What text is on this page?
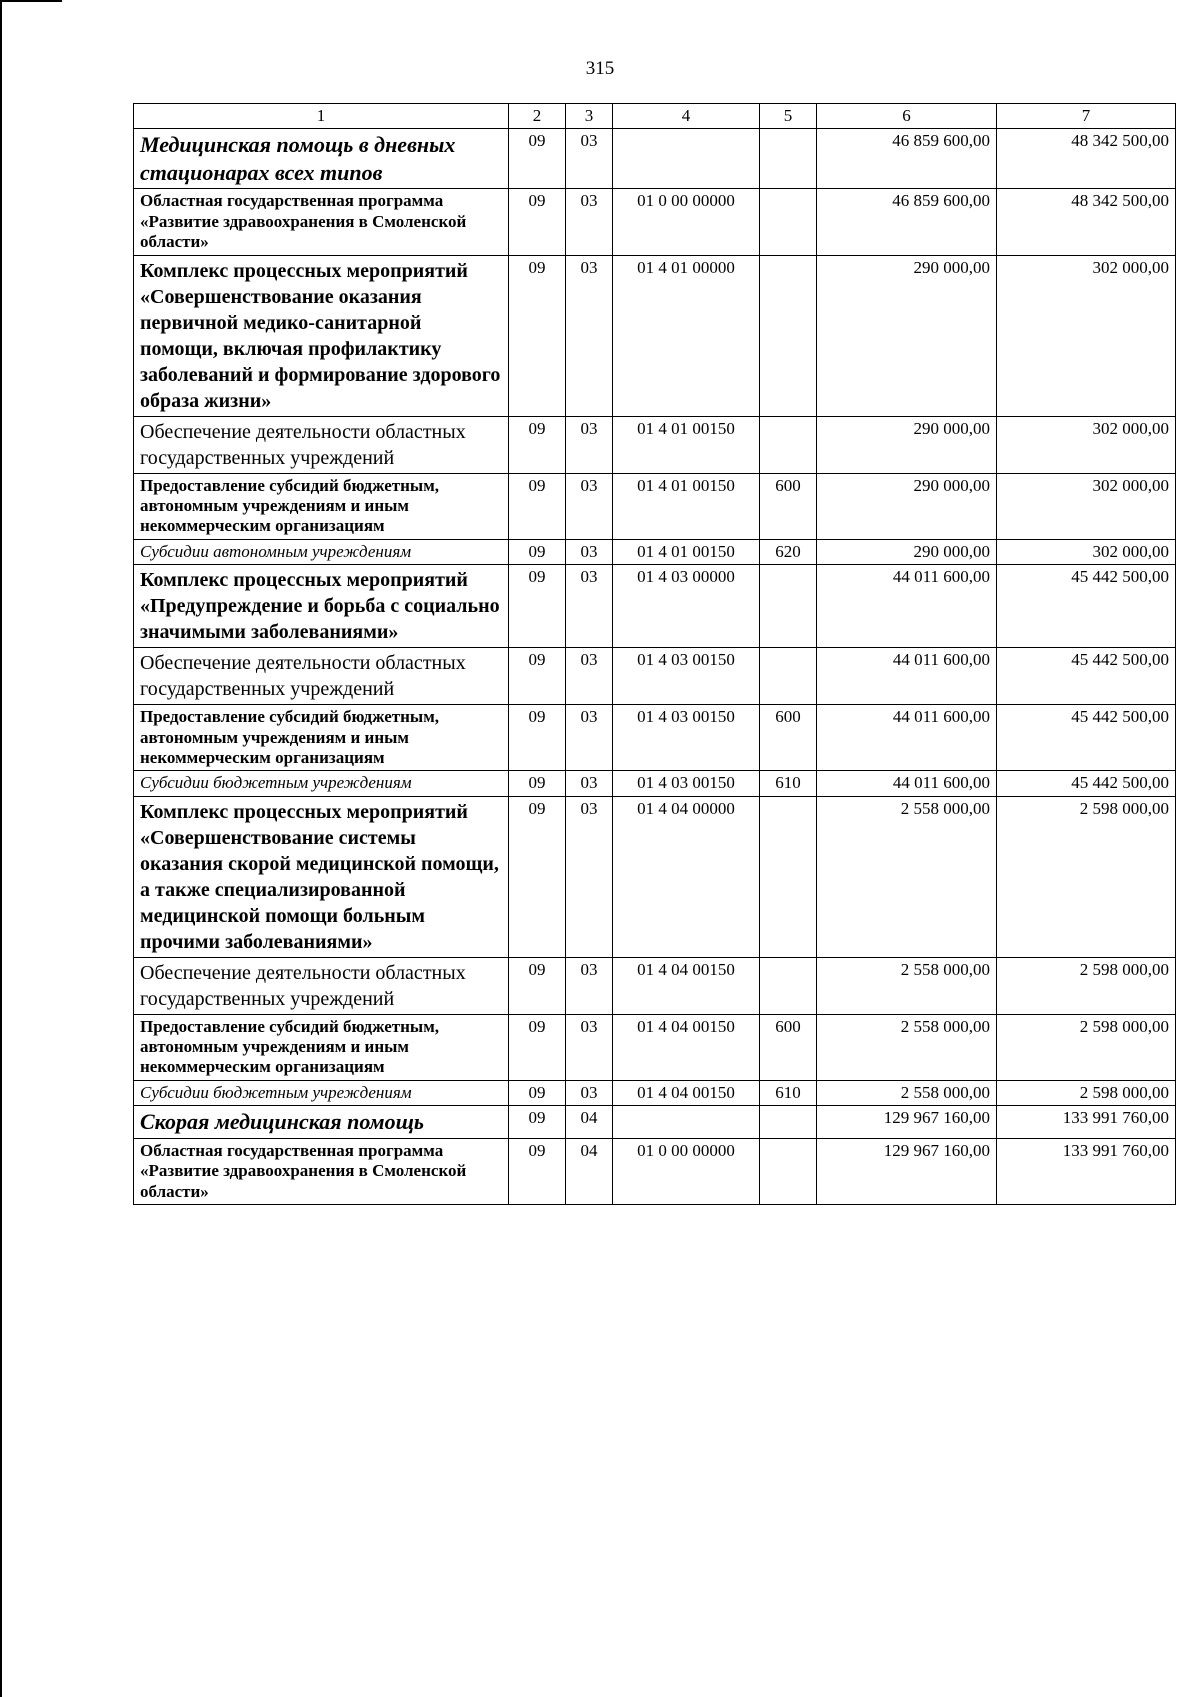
315
1	2	3	4	5	6	7
Медицинская помощь в дневных стационарах всех типов	09	03			46 859 600,00	48 342 500,00
Областная государственная программа «Развитие здравоохранения в Смоленской области»	09	03	01 0 00 00000		46 859 600,00	48 342 500,00
Комплекс процессных мероприятий «Совершенствование оказания первичной медико-санитарной помощи, включая профилактику заболеваний и формирование здорового образа жизни»	09	03	01 4 01 00000		290 000,00	302 000,00
Обеспечение деятельности областных государственных учреждений	09	03	01 4 01 00150		290 000,00	302 000,00
Предоставление субсидий бюджетным, автономным учреждениям и иным некоммерческим организациям	09	03	01 4 01 00150	600	290 000,00	302 000,00
Субсидии автономным учреждениям	09	03	01 4 01 00150	620	290 000,00	302 000,00
Комплекс процессных мероприятий «Предупреждение и борьба с социально значимыми заболеваниями»	09	03	01 4 03 00000		44 011 600,00	45 442 500,00
Обеспечение деятельности областных государственных учреждений	09	03	01 4 03 00150		44 011 600,00	45 442 500,00
Предоставление субсидий бюджетным, автономным учреждениям и иным некоммерческим организациям	09	03	01 4 03 00150	600	44 011 600,00	45 442 500,00
Субсидии бюджетным учреждениям	09	03	01 4 03 00150	610	44 011 600,00	45 442 500,00
Комплекс процессных мероприятий «Совершенствование системы оказания скорой медицинской помощи, а также специализированной медицинской помощи больным прочими заболеваниями»	09	03	01 4 04 00000		2 558 000,00	2 598 000,00
Обеспечение деятельности областных государственных учреждений	09	03	01 4 04 00150		2 558 000,00	2 598 000,00
Предоставление субсидий бюджетным, автономным учреждениям и иным некоммерческим организациям	09	03	01 4 04 00150	600	2 558 000,00	2 598 000,00
Субсидии бюджетным учреждениям	09	03	01 4 04 00150	610	2 558 000,00	2 598 000,00
Скорая медицинская помощь	09	04			129 967 160,00	133 991 760,00
Областная государственная программа «Развитие здравоохранения в Смоленской области»	09	04	01 0 00 00000		129 967 160,00	133 991 760,00
